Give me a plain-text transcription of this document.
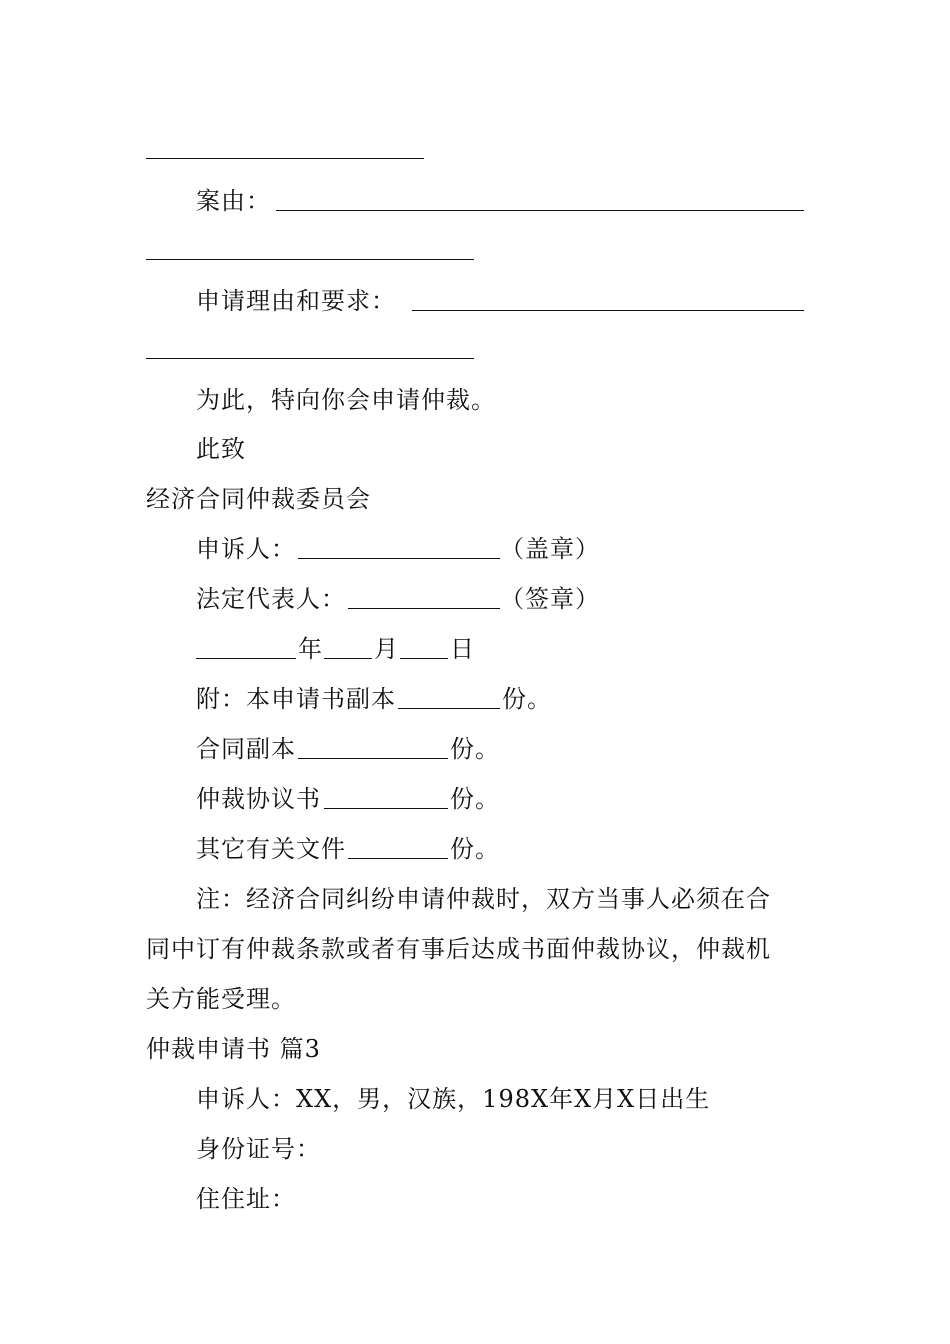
案由：
申请理由和要求：
为此，特向你会申请仲裁。
此致
经济合同仲裁委员会
申诉人：	（盖章）
法定代表人：	（签章）
年 月 日
附：本申请书副本	份。
合同副本	份。
仲裁协议书	份。
其它有关文件	份。
注：经济合同纠纷申请仲裁时，双方当事人必须在合
同中订有仲裁条款或者有事后达成书面仲裁协议，仲裁机
关方能受理。
仲裁申请书 篇3
申诉人：XX，男，汉族，198X年X月X日出生
身份证号：
住住址：
